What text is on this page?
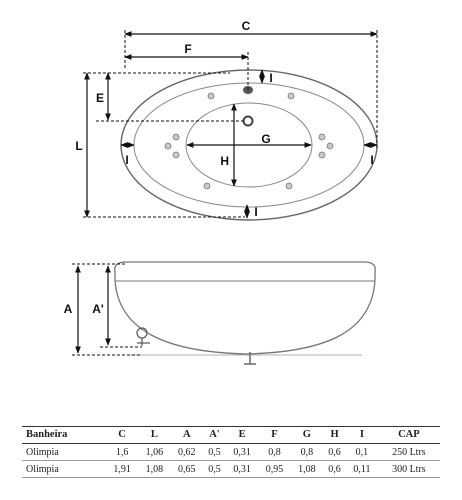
C
F
L
E
G
H
I
I	I
I
A A'
Banheira	C	L	A	A'	E	F	G	H	I	CAP
Olimpia	1,6	1,06	0,62	0,5	0,31	0,8	0,8	0,6	0,1	250 Ltrs
Olimpia	1,91	1,08	0,65	0,5	0,31	0,95	1,08	0,6	0,11	300 Ltrs
